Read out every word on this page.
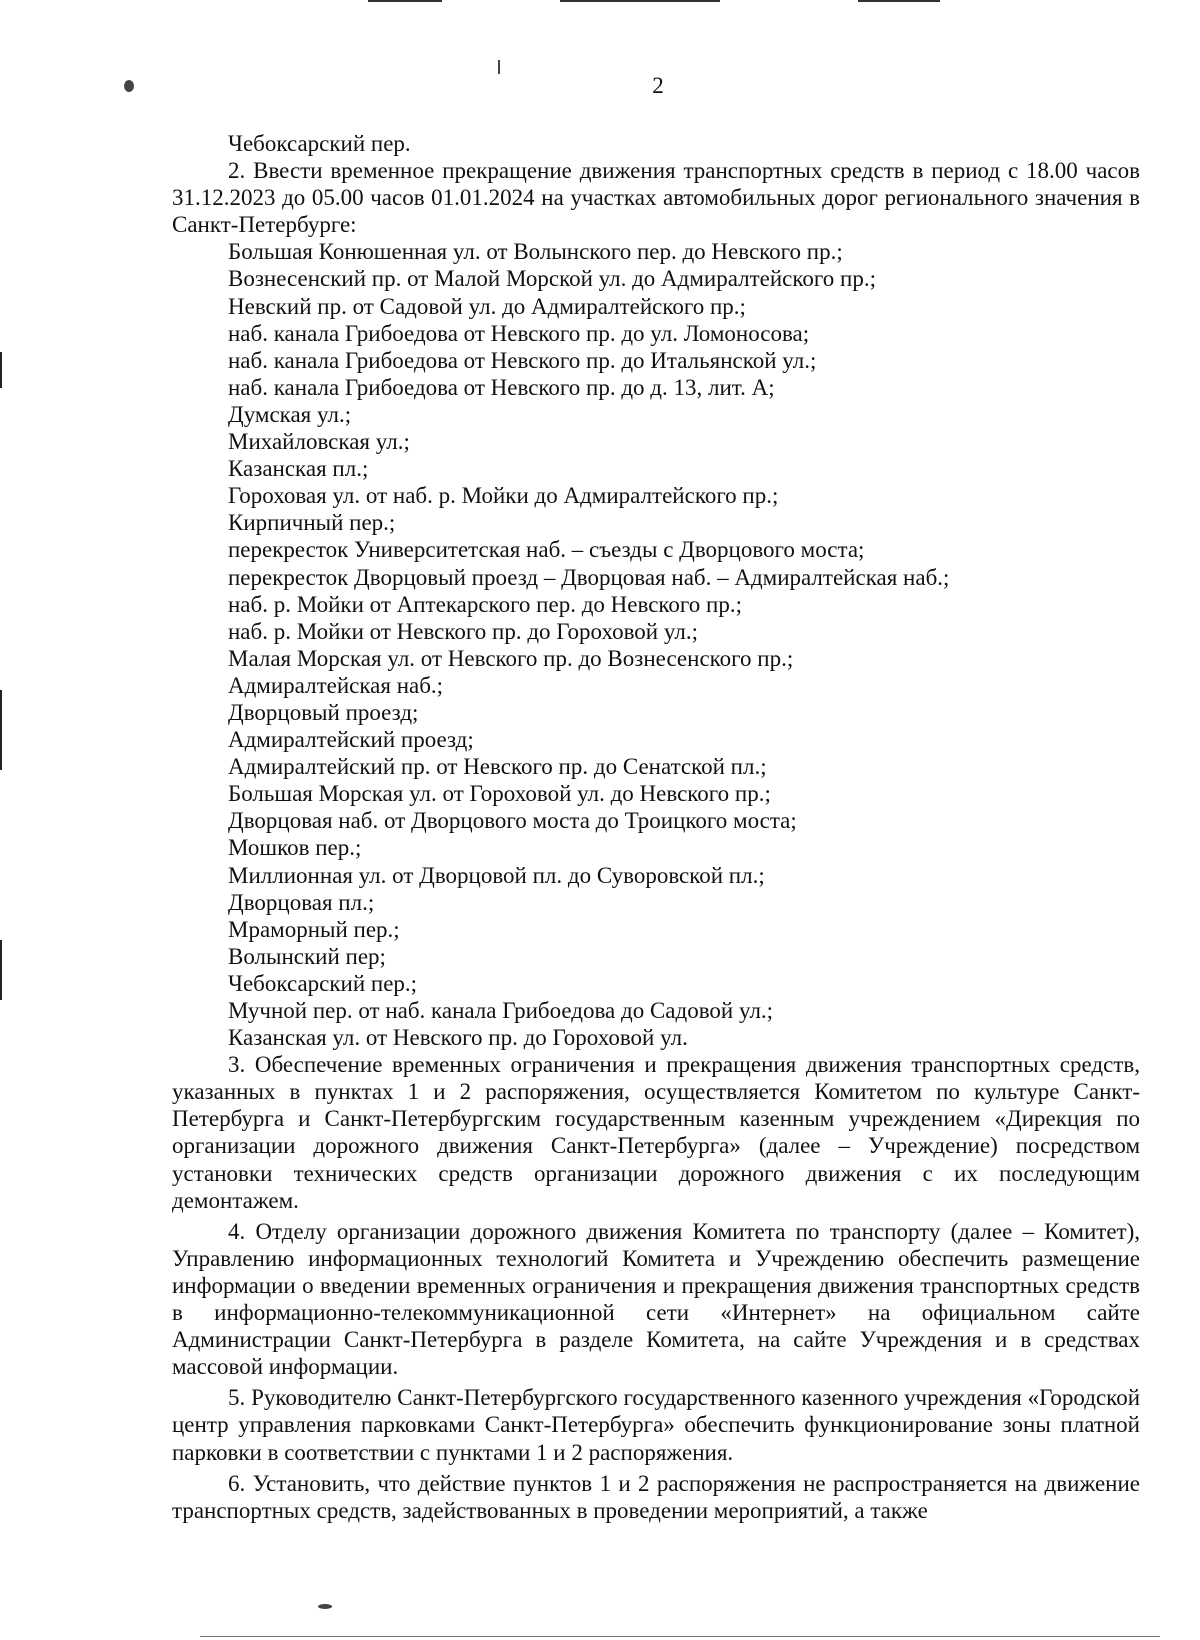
2
Чебоксарский пер.
2. Ввести временное прекращение движения транспортных средств в период с 18.00 часов 31.12.2023 до 05.00 часов 01.01.2024 на участках автомобильных дорог регионального значения в Санкт-Петербурге:
Большая Конюшенная ул. от Волынского пер. до Невского пр.;
Вознесенский пр. от Малой Морской ул. до Адмиралтейского пр.;
Невский пр. от Садовой ул. до Адмиралтейского пр.;
наб. канала Грибоедова от Невского пр. до ул. Ломоносова;
наб. канала Грибоедова от Невского пр. до Итальянской ул.;
наб. канала Грибоедова от Невского пр. до д. 13, лит. А;
Думская ул.;
Михайловская ул.;
Казанская пл.;
Гороховая ул. от наб. р. Мойки до Адмиралтейского пр.;
Кирпичный пер.;
перекресток Университетская наб. – съезды с Дворцового моста;
перекресток Дворцовый проезд – Дворцовая наб. – Адмиралтейская наб.;
наб. р. Мойки от Аптекарского пер. до Невского пр.;
наб. р. Мойки от Невского пр. до Гороховой ул.;
Малая Морская ул. от Невского пр. до Вознесенского пр.;
Адмиралтейская наб.;
Дворцовый проезд;
Адмиралтейский проезд;
Адмиралтейский пр. от Невского пр. до Сенатской пл.;
Большая Морская ул. от Гороховой ул. до Невского пр.;
Дворцовая наб. от Дворцового моста до Троицкого моста;
Мошков пер.;
Миллионная ул. от Дворцовой пл. до Суворовской пл.;
Дворцовая пл.;
Мраморный пер.;
Волынский пер;
Чебоксарский пер.;
Мучной пер. от наб. канала Грибоедова до Садовой ул.;
Казанская ул. от Невского пр. до Гороховой ул.
3. Обеспечение временных ограничения и прекращения движения транспортных средств, указанных в пунктах 1 и 2 распоряжения, осуществляется Комитетом по культуре Санкт-Петербурга и Санкт-Петербургским государственным казенным учреждением «Дирекция по организации дорожного движения Санкт-Петербурга» (далее – Учреждение) посредством установки технических средств организации дорожного движения с их последующим демонтажем.
4. Отделу организации дорожного движения Комитета по транспорту (далее – Комитет), Управлению информационных технологий Комитета и Учреждению обеспечить размещение информации о введении временных ограничения и прекращения движения транспортных средств в информационно-телекоммуникационной сети «Интернет» на официальном сайте Администрации Санкт-Петербурга в разделе Комитета, на сайте Учреждения и в средствах массовой информации.
5. Руководителю Санкт-Петербургского государственного казенного учреждения «Городской центр управления парковками Санкт-Петербурга» обеспечить функционирование зоны платной парковки в соответствии с пунктами 1 и 2 распоряжения.
6. Установить, что действие пунктов 1 и 2 распоряжения не распространяется на движение транспортных средств, задействованных в проведении мероприятий, а также
